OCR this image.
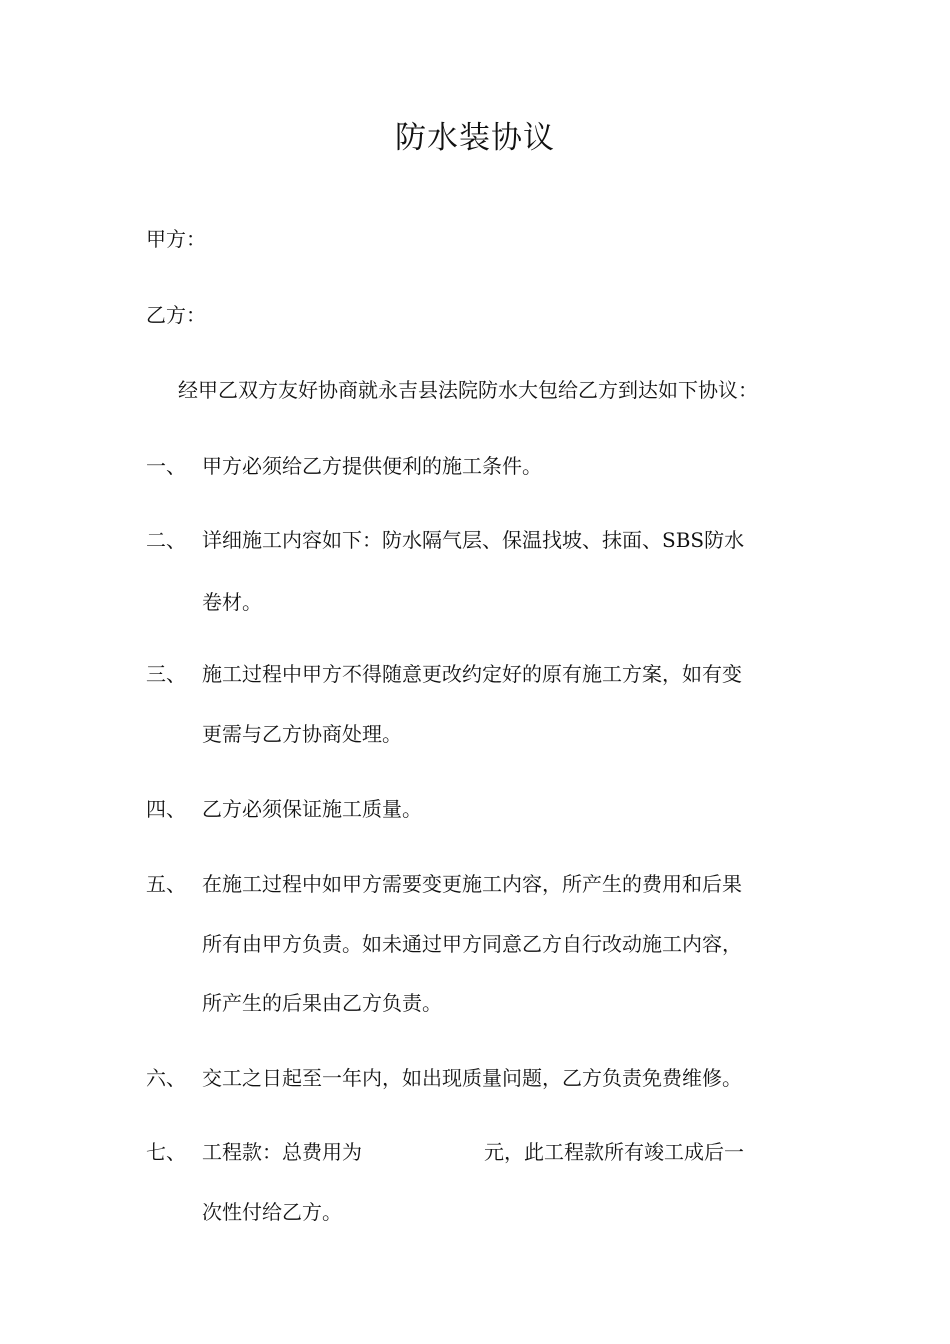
防水装协议
甲方：
乙方：
经甲乙双方友好协商就永吉县法院防水大包给乙方到达如下协议：
一、 甲方必须给乙方提供便利的施工条件。
二、 详细施工内容如下：防水隔气层、保温找坡、抹面、SBS防水
卷材。
三、 施工过程中甲方不得随意更改约定好的原有施工方案，如有变
更需与乙方协商处理。
四、 乙方必须保证施工质量。
五、 在施工过程中如甲方需要变更施工内容，所产生的费用和后果
所有由甲方负责。如未通过甲方同意乙方自行改动施工内容，
所产生的后果由乙方负责。
六、 交工之日起至一年内，如出现质量问题，乙方负责免费维修。
七、 工程款：总费用为	元，此工程款所有竣工成后一
次性付给乙方。
